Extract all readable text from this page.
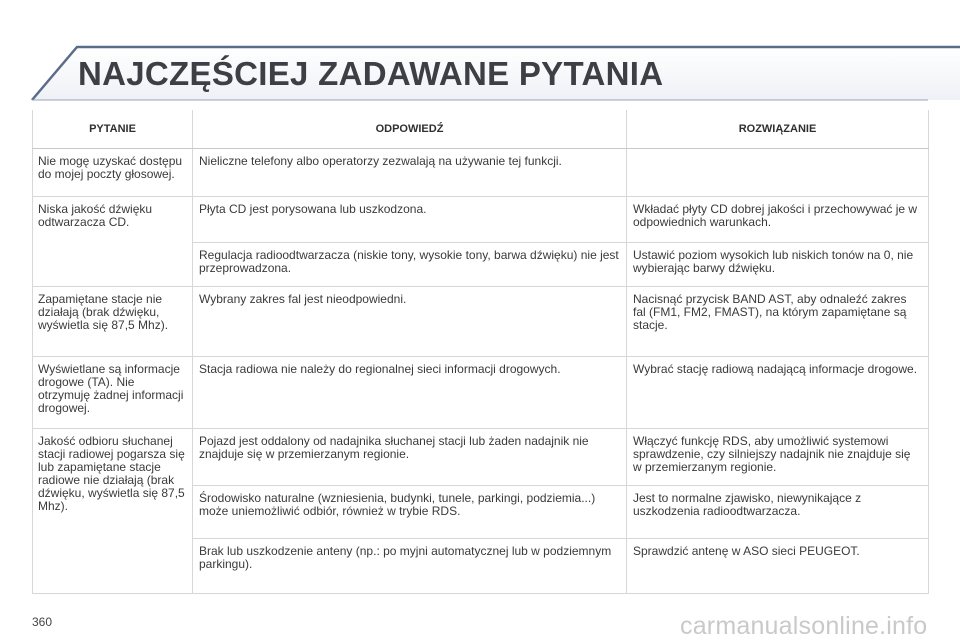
NAJCZĘŚCIEJ ZADAWANE PYTANIA
PYTANIE	ODPOWIEDŹ	ROZWIĄZANIE
Nie mogę uzyskać dostępu do mojej poczty głosowej.	Nieliczne telefony albo operatorzy zezwalają na używanie tej funkcji.	
Niska jakość dźwięku odtwarzacza CD.	Płyta CD jest porysowana lub uszkodzona.	Wkładać płyty CD dobrej jakości i przechowywać je w odpowiednich warunkach.
	Regulacja radioodtwarzacza (niskie tony, wysokie tony, barwa dźwięku) nie jest przeprowadzona.	Ustawić poziom wysokich lub niskich tonów na 0, nie wybierając barwy dźwięku.
Zapamiętane stacje nie działają (brak dźwięku, wyświetla się 87,5 Mhz).	Wybrany zakres fal jest nieodpowiedni.	Nacisnąć przycisk BAND AST, aby odnaleźć zakres fal (FM1, FM2, FMAST), na którym zapamiętane są stacje.
Wyświetlane są informacje drogowe (TA). Nie otrzymuję żadnej informacji drogowej.	Stacja radiowa nie należy do regionalnej sieci informacji drogowych.	Wybrać stację radiową nadającą informacje drogowe.
Jakość odbioru słuchanej stacji radiowej pogarsza się lub zapamiętane stacje radiowe nie działają (brak dźwięku, wyświetla się 87,5 Mhz).	Pojazd jest oddalony od nadajnika słuchanej stacji lub żaden nadajnik nie znajduje się w przemierzanym regionie.	Włączyć funkcję RDS, aby umożliwić systemowi sprawdzenie, czy silniejszy nadajnik nie znajduje się w przemierzanym regionie.
	Środowisko naturalne (wzniesienia, budynki, tunele, parkingi, podziemia...) może uniemożliwić odbiór, również w trybie RDS.	Jest to normalne zjawisko, niewynikające z uszkodzenia radioodtwarzacza.
	Brak lub uszkodzenie anteny (np.: po myjni automatycznej lub w podziemnym parkingu).	Sprawdzić antenę w ASO sieci PEUGEOT.
360	carmanualsonline.info
